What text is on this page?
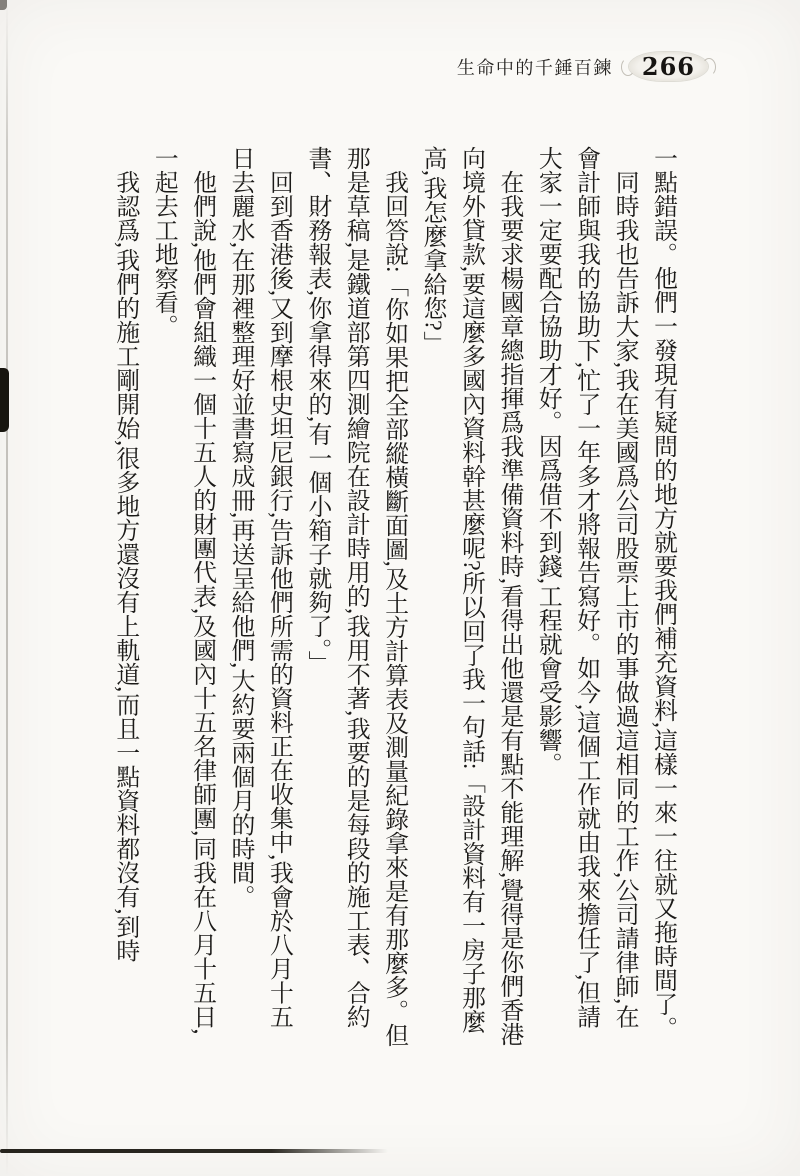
生命中的千錘百鍊	266

一點錯誤。他們一發現有疑問的地方就要我們補充資料,這樣一來一往就又拖時間了。

同時我也告訴大家,我在美國爲公司股票上市的事做過這相同的工作,公司請律師,在會計師與我的協助下,忙了一年多才將報告寫好。如今,這個工作就由我來擔任了,但請大家一定要配合協助才好。因爲借不到錢,工程就會受影響。

在我要求楊國章總指揮爲我準備資料時,看得出他還是有點不能理解,覺得是你們香港向境外貸款,要這麼多國內資料幹甚麼呢?所以回了我一句話:「設計資料有一房子那麼高,我怎麼拿給您?」

我回答說:「你如果把全部縱橫斷面圖,及土方計算表及測量紀錄拿來是有那麼多。但那是草稿,是鐵道部第四測繪院在設計時用的,我用不著,我要的是每段的施工表、合約書、財務報表,你拿得來的,有一個小箱子就夠了。」

回到香港後,又到摩根史坦尼銀行,告訴他們所需的資料正在收集中,我會於八月十五日去麗水,在那裡整理好並書寫成冊,再送呈給他們,大約要兩個月的時間。

他們說,他們會組織一個十五人的財團代表,及國內十五名律師團,同我在八月十五日,一起去工地察看。

我認爲,我們的施工剛開始,很多地方還沒有上軌道,而且一點資料都沒有,到時
